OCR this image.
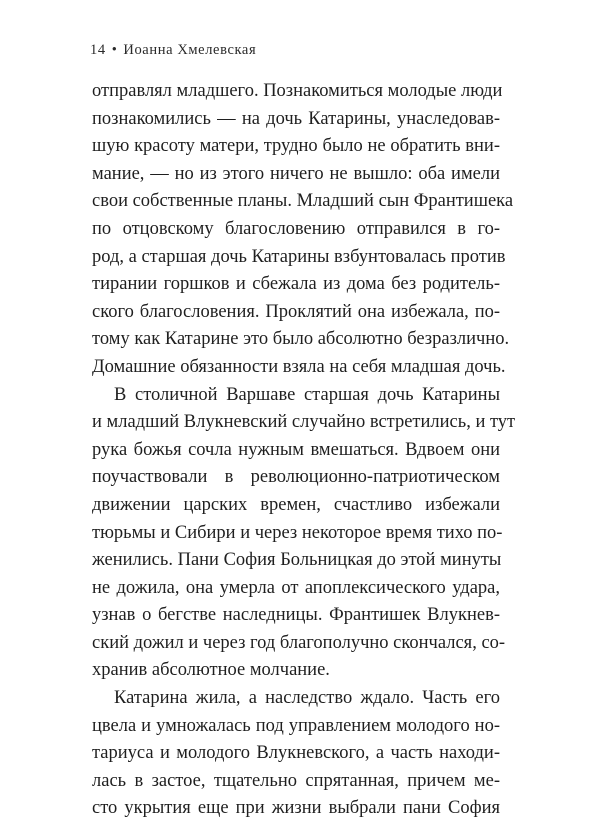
14 • Иоанна Хмелевская
отправлял младшего. Познакомиться молодые люди
познакомились — на дочь Катарины, унаследовав-
шую красоту матери, трудно было не обратить вни-
мание, — но из этого ничего не вышло: оба имели
свои собственные планы. Младший сын Франтишека
по отцовскому благословению отправился в го-
род, а старшая дочь Катарины взбунтовалась против
тирании горшков и сбежала из дома без родитель-
ского благословения. Проклятий она избежала, по-
тому как Катарине это было абсолютно безразлично.
Домашние обязанности взяла на себя младшая дочь.
В столичной Варшаве старшая дочь Катарины
и младший Влукневский случайно встретились, и тут
рука божья сочла нужным вмешаться. Вдвоем они
поучаствовали в революционно-патриотическом
движении царских времен, счастливо избежали
тюрьмы и Сибири и через некоторое время тихо по-
женились. Пани София Больницкая до этой минуты
не дожила, она умерла от апоплексического удара,
узнав о бегстве наследницы. Франтишек Влукнев-
ский дожил и через год благополучно скончался, со-
хранив абсолютное молчание.
Катарина жила, а наследство ждало. Часть его
цвела и умножалась под управлением молодого но-
тариуса и молодого Влукневского, а часть находи-
лась в застое, тщательно спрятанная, причем ме-
сто укрытия еще при жизни выбрали пани София
